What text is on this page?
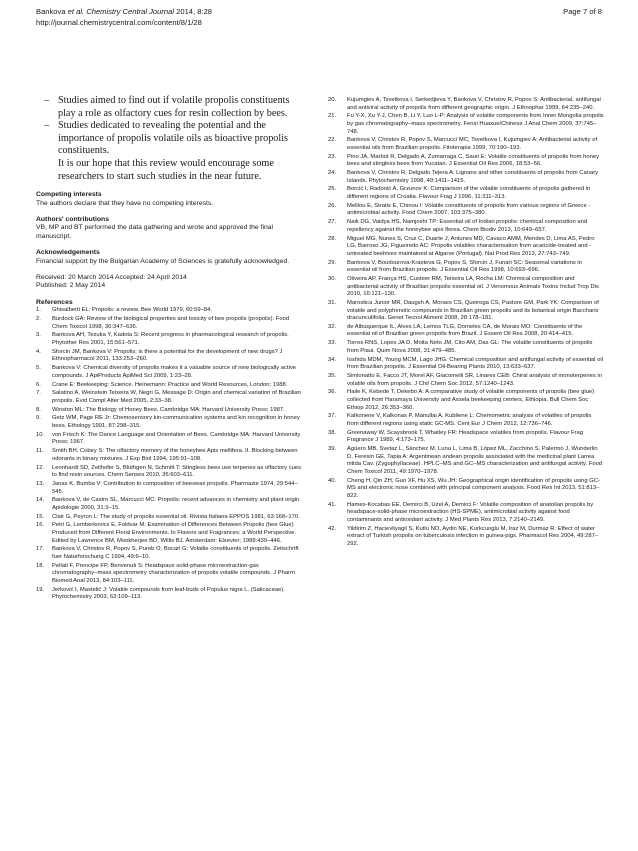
Bankova et al. Chemistry Central Journal 2014, 8:28
http://journal.chemistrycentral.com/content/8/1/28
Page 7 of 8
– Studies aimed to find out if volatile propolis constituents play a role as olfactory cues for resin collection by bees.
– Studies dedicated to revealing the potential and the importance of propolis volatile oils as bioactive propolis constituents.

It is our hope that this review would encourage some researchers to start such studies in the near future.

Competing interests
The authors declare that they have no competing interests.
Authors' contributions
VB, MP and BT performed the data gathering and wrote and approved the final manuscript.
Acknowledgements
Financial support by the Bulgarian Academy of Sciences is gratefully acknowledged.
Received: 20 March 2014 Accepted: 24 April 2014
Published: 2 May 2014
References
1. Ghisalberti EL: Propolis: a review. Bee World 1979, 60:59–84.
2. Burdock GA: Review of the biological properties and toxicity of bee propolis (propolis). Food Chem Toxicol 1998, 36:347–636.
3. Bankova AH, Tezuka Y, Kadota S: Recent progress in pharmacological research of propolis. Phytother Res 2001, 15:561–571.
4. Sforcin JM, Bankova V: Propolis: is there a potential for the development of new drugs? J Ethnopharmacol 2011, 133:253–260.
5. Bankova V: Chemical diversity of propolis makes it a valuable source of new biologically active compounds. J ApiProducts ApiMed Sci 2009, 1:23–28.
6. Crane E: Beekeeping: Science. Heinemann: Practice and World Resources, London; 1988.
7. Salatino A, Weinstein Teixeira W, Negri G, Message D: Origin and chemical variation of Brazilian propolis. Evid Compl Alter Med 2005, 2:33–38.
8. Winston ML: The Biology of Honey Bees. Cambridge MA: Harvard University Press; 1987.
9. Getz WM, Page RE Jr: Chemosensory kin-communication systems and kin recognition in honey bees. Ethology 1991, 87:298–315.
10. von Frisch K: The Dance Language and Orientation of Bees. Cambridge MA: Harvard University Press; 1967.
11. Smith BH, Cobey S: The olfactory memory of the honeybee Apis mellifera. II. Blocking between odorants in binary mixtures. J Exp Biol 1994, 195:91–108.
12. Leonhardt SD, Zeilhofer S, Blüthgen N, Schmitt T: Stingless bees use terpenes as olfactory cues to find resin sources. Chem Senses 2010, 35:603–611.
13. Janas K, Bumba V: Contribution to composition of beeswax propolis. Pharmazie 1974, 29:544–545.
14. Bankova V, de Castro SL, Marcucci MC: Propolis: recent advances in chemistry and plant origin. Apidologie 2000, 31:3–15.
15. Clair G, Peyron L: The study of propolis essential oil. Rivista Italiana EPPOS 1981, 63:168–170.
16. Petri G, Lemberkovics E, Foldvar M: Examination of Differences Between Propolis (bee Glue) Produced from Different Floral Environments. In Flavors and Fragrances: a World Perspective. Edited by Lawrence BM, Mookherjee BD, Willis BJ. Amsterdam: Elsevier; 1988:439–446.
17. Bankova V, Christov R, Popov S, Pureb O, Bocari G: Volatile constituents of propolis. Zeitschrift fuer Naturforschung C 1994, 49:6–10.
18. Pellati F, Prencipe FP, Benvenuti S: Headspace solid-phase microextraction-gas chromatography–mass spectrometry characterization of propolis volatile compounds. J Pharm Biomed Anal 2013, 84:103–111.
19. Jerković I, Mastelić J: Volatile compounds from leaf-buds of Populus nigra L. (Salicaceae). Phytochemistry 2003, 63:109–113.
20. Kujumgiev A, Tsvetkova I, Serkedjieva Y, Bankova V, Christov R, Popov S: Antibacterial, antifungal and antiviral activity of propolis from different geographic origin. J Ethnophar 1999, 64:235–240.
21. Fu Y-X, Xu Y-J, Chen B, Li Y, Luo L-P: Analysis of volatile components from Inner Mongolia propolis by gas chromatography–mass spectrometry. Fenxi Huaxue/Chinese J Anal Chem 2009, 37:745–748.
22. Bankova V, Christov R, Popov S, Marcucci MC, Tsvetkova I, Kujumgiev A: Antibacterial activity of essential oils from Brazilian propolis. Fitoterapia 1999, 70:190–193.
23. Pino JA, Marbot R, Delgado A, Zumarraga C, Sauri E: Volatile constituents of propolis from honey bees and stingless bees from Yucatan. J Essential Oil Res 2006, 18:53–56.
24. Bankova V, Christov R, Delgado Tejera A: Lignans and other constituents of propolis from Canary Islands. Phytochemistry 1998, 49:1411–1415.
25. Borcić I, Radonić A, Grzunov K: Comparison of the volatile constituents of propolis gathered in different regions of Croatia. Flavour Frag J 1996, 11:311–313.
26. Melliou E, Stratis E, Chinou I: Volatile constituents of propolis from various regions of Greece - antimicrobial activity. Food Chem 2007, 103:375–380.
27. Naik DG, Vaidya HS, Namjoshi TP: Essential oil of Indian propolis: chemical composition and repellency against the honeybee apis florea. Chem Biodiv 2013, 10:649–657.
28. Miguel MG, Nunes S, Cruz C, Duarte J, Antunes MD, Cavaco AMM, Mendes D, Lima AS, Pedro LG, Barroso JG, Figueiredo AC: Propolis volatiles characterisation from acaricide-treated and -untreated beehives maintained at Algarve (Portugal). Nat Prod Res 2013, 27:743–749.
29. Bankova V, Boudourova-Krasteva G, Popov S, Sforcin J, Funari SC: Seasonal variations in essential oil from Brazilian propolis. J Essential Oil Res 1998, 10:693–696.
30. Oliveira AP, França HS, Custeer RM, Teixeira LA, Rocha LM: Chemical composition and antibacterial activity of Brazilian propolis essential oil. J Venomous Animals Toxins Includ Trop Dis 2010, 16:121–130.
31. Marostica Junior MR, Daugsh A, Moraes CS, Queiroga CS, Pastore GM, Park YK: Comparison of volatile and polyphenolic compounds in Brazilian green propolis and its botanical origin Baccharis dracunculifolia. Genet Tecnol Aliment 2008, 28:178–181.
32. de Albuquerque IL, Alves LA, Lemos TLG, Dorneles CA, de Morais MO: Constituents of the essential oil of Brazilian green propolis from Brazil. J Essent Oil Res 2008, 20:414–415.
33. Torres RNS, Lopes JA D, Moita Neto JM, Cito AM, Das GL: The volatile constituents of propolis from Piaui. Quim Nova 2008, 31:479–485.
34. Ioshida MDM, Young MCM, Lago JHG: Chemical composition and antifungal activity of essential oil from Brazilian propolis. J Essential Oil-Bearing Plants 2010, 13:633–637.
35. Simionatto E, Facco JT, Morel AF, Giacomelli SR, Linares CEB: Chiral analysis of monoterpenes in volatile oils from propolis. J Chil Chem Soc 2012, 57:1240–1243.
36. Haile K, Kebede T, Dekebo A: A comparative study of volatile components of propolis (bee glue) collected from Haramaya University and Assela beekeeping centers, Ethiopia. Bull Chem Soc Ethiop 2012, 26:353–360.
37. Kalkonene V, Kalkonas P, Manullai A, Kubliene L: Chemometric analysis of volatiles of propolis from different regions using static GC-MS. Cent Eur J Chem 2012, 12:736–746.
38. Greenaway W, Scaysbrook T, Whatley FR: Headspace volatiles from propolis. Flavour Frag Fragrance J 1989, 4:173–175.
39. Agüero MB, Svetaz L, Sánchez M, Luna L, Lima B, López ML, Zacchino S, Palermo J, Wunderlin D, Feresin GE, Tapia A: Argentinean andean propolis associated with the medicinal plant Larrea nitida Cav. (Zygophyllaceae). HPLC–MS and GC–MS characterization and antifungal activity. Food Chem Toxicol 2011, 49:1970–1978.
40. Cheng H, Qin ZH, Guo XF, Hu XS, Wu JH: Geographical origin identification of propolis using GC-MS and electronic nose combined with principal component analysis. Food Res Int 2013, 51:813–822.
41. Hames-Kocabas EE, Demirci B, Uzel A, Demirci F: Volatile composition of anatolian propolis by headspace-solid-phase microextraction (HS-SPME), antimicrobial activity against food contaminants and antioxidant activity. J Med Plants Res 2013, 7:2140–2149.
42. Yildirim Z, Hacievliyagil S, Kutlu NO, Aydin NE, Kurkcuoglu M, Iraz M, Durmaz R: Effect of water extract of Turkish propolis on tuberculosis infection in guinea-pigs. Pharmacol Res 2004, 49:287–292.
